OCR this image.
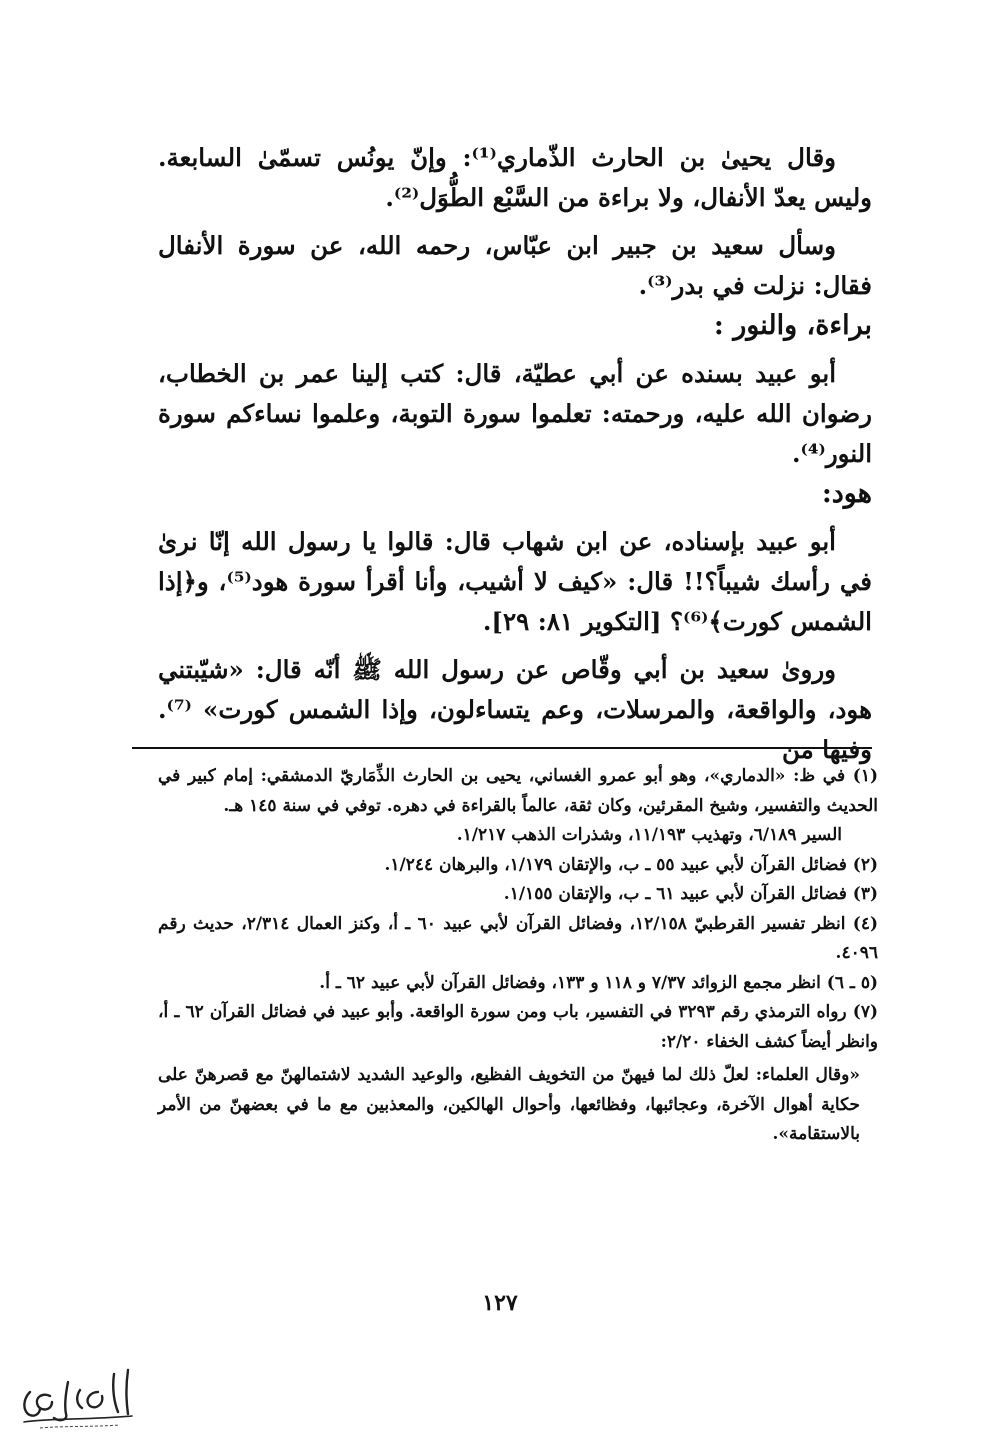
وقال يحيىٰ بن الحارث الذّماري⁽¹⁾: وإنّ يونُس تسمّىٰ السابعة. وليس يعدّ الأنفال، ولا براءة من السَّبْع الطُّوَل⁽²⁾.

وسأل سعيد بن جبير ابن عبّاس، رحمه الله، عن سورة الأنفال فقال: نزلت في بدر⁽³⁾.

براءة، والنور :

أبو عبيد بسنده عن أبي عطيّة، قال: كتب إلينا عمر بن الخطاب، رضوان الله عليه، ورحمته: تعلموا سورة التوبة، وعلموا نساءكم سورة النور⁽⁴⁾.

هود:

أبو عبيد بإسناده، عن ابن شهاب قال: قالوا يا رسول الله إنّا نرىٰ في رأسك شيباً؟!! قال: «كيف لا أشيب، وأنا أقرأ سورة هود⁽⁵⁾، و﴿إذا الشمس كورت﴾⁽⁶⁾؟ [التكوير ٨١: ٢٩].

وروىٰ سعيد بن أبي وقّاص عن رسول الله ﷺ أنّه قال: «شيّبتني هود، والواقعة، والمرسلات، وعم يتساءلون، وإذا الشمس كورت» ⁽⁷⁾. وفيها من

(١) في ظ: «الدماري»، وهو أبو عمرو الغساني، يحيى بن الحارث الذِّمَاريّ الدمشقي: إمام كبير في الحديث والتفسير، وشيخ المقرئين، وكان ثقة، عالماً بالقراءة في دهره. توفي في سنة ١٤٥ هـ.

السير ٦/١٨٩، وتهذيب ١١/١٩٣، وشذرات الذهب ١/٢١٧.

(٢) فضائل القرآن لأبي عبيد ٥٥ ـ ب، والإتقان ١/١٧٩، والبرهان ١/٢٤٤.

(٣) فضائل القرآن لأبي عبيد ٦١ ـ ب، والإتقان ١/١٥٥.

(٤) انظر تفسير القرطبيّ ١٢/١٥٨، وفضائل القرآن لأبي عبيد ٦٠ ـ أ، وكنز العمال ٢/٣١٤، حديث رقم ٤٠٩٦.

(٥ ـ ٦) انظر مجمع الزوائد ٧/٣٧ و ١١٨ و ١٣٣، وفضائل القرآن لأبي عبيد ٦٢ ـ أ.

(٧) رواه الترمذي رقم ٣٢٩٣ في التفسير، باب ومن سورة الواقعة. وأبو عبيد في فضائل القرآن ٦٢ ـ أ، وانظر أيضاً كشف الخفاء ٢/٢٠:

«وقال العلماء: لعلّ ذلك لما فيهنّ من التخويف الفظيع، والوعيد الشديد لاشتمالهنّ مع قصرهنّ على حكاية أهوال الآخرة، وعجائبها، وفظائعها، وأحوال الهالكين، والمعذبين مع ما في بعضهنّ من الأمر بالاستقامة».

١٢٧
